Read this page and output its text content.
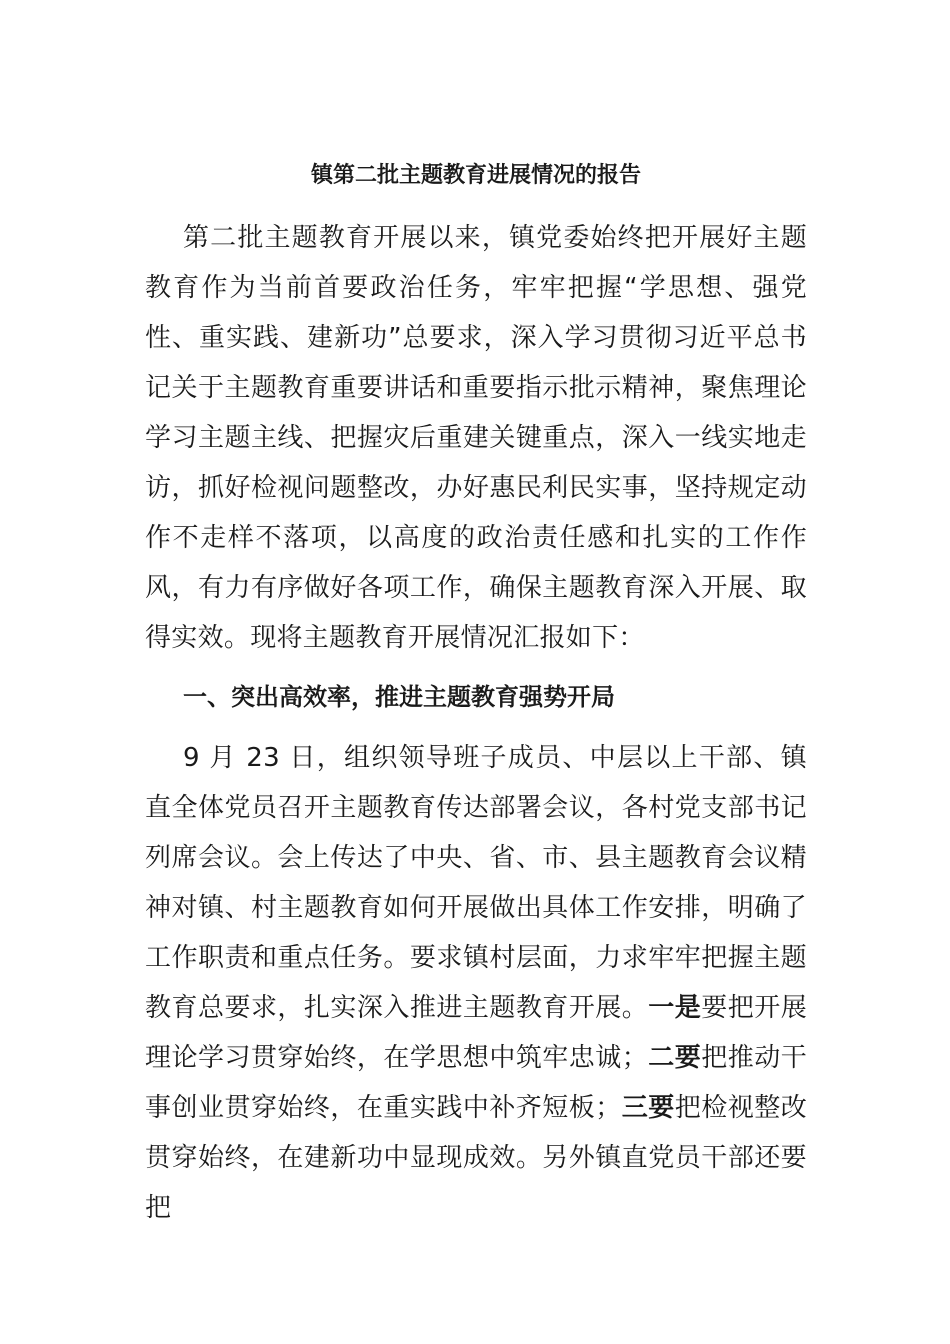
镇第二批主题教育进展情况的报告

第二批主题教育开展以来，镇党委始终把开展好主题教育作为当前首要政治任务，牢牢把握“学思想、强党性、重实践、建新功”总要求，深入学习贯彻习近平总书记关于主题教育重要讲话和重要指示批示精神，聚焦理论学习主题主线、把握灾后重建关键重点，深入一线实地走访，抓好检视问题整改，办好惠民利民实事，坚持规定动作不走样不落项，以高度的政治责任感和扎实的工作作风，有力有序做好各项工作，确保主题教育深入开展、取得实效。现将主题教育开展情况汇报如下：

一、突出高效率，推进主题教育强势开局

9 月 23 日，组织领导班子成员、中层以上干部、镇直全体党员召开主题教育传达部署会议，各村党支部书记列席会议。会上传达了中央、省、市、县主题教育会议精神对镇、村主题教育如何开展做出具体工作安排，明确了工作职责和重点任务。要求镇村层面，力求牢牢把握主题教育总要求，扎实深入推进主题教育开展。一是要把开展理论学习贯穿始终，在学思想中筑牢忠诚；二要把推动干事创业贯穿始终，在重实践中补齐短板；三要把检视整改贯穿始终，在建新功中显现成效。另外镇直党员干部还要把
